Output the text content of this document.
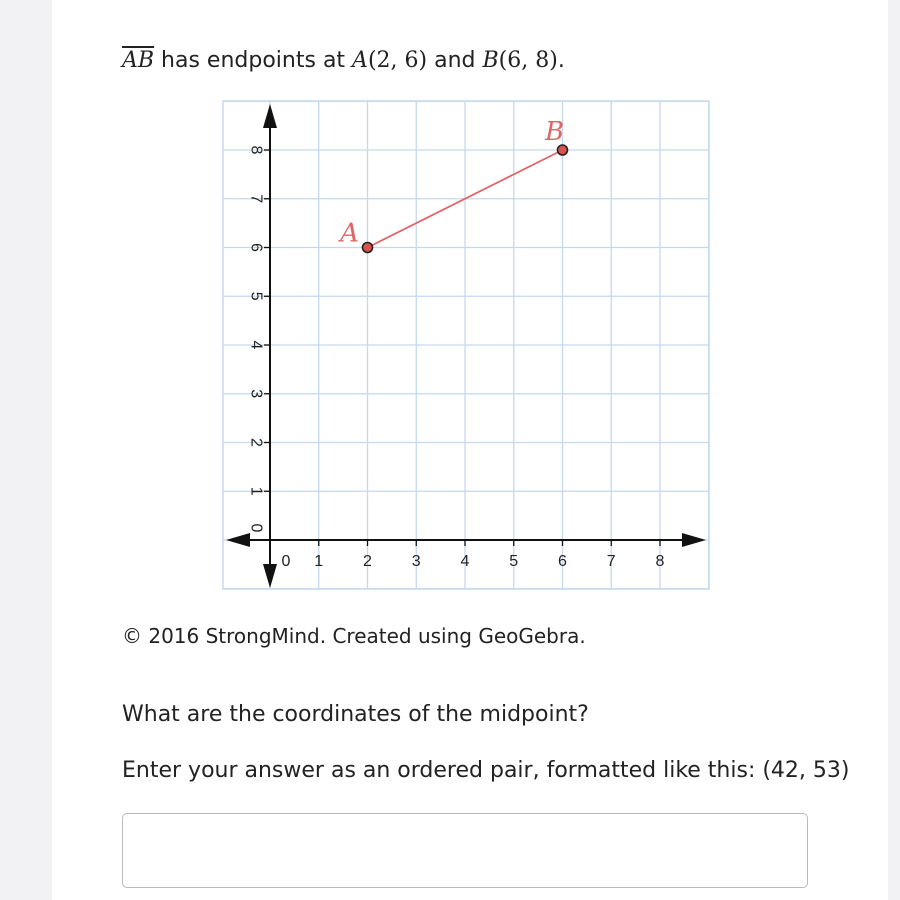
$\overline{AB}$ has endpoints at A(2, 6) and B(6, 8).
0 1 2 3 4 5 6 7 8
0
1
2
3
4
5
6
7
8
A
B
© 2016 StrongMind. Created using GeoGebra.
What are the coordinates of the midpoint?
Enter your answer as an ordered pair, formatted like this: (42, 53)
